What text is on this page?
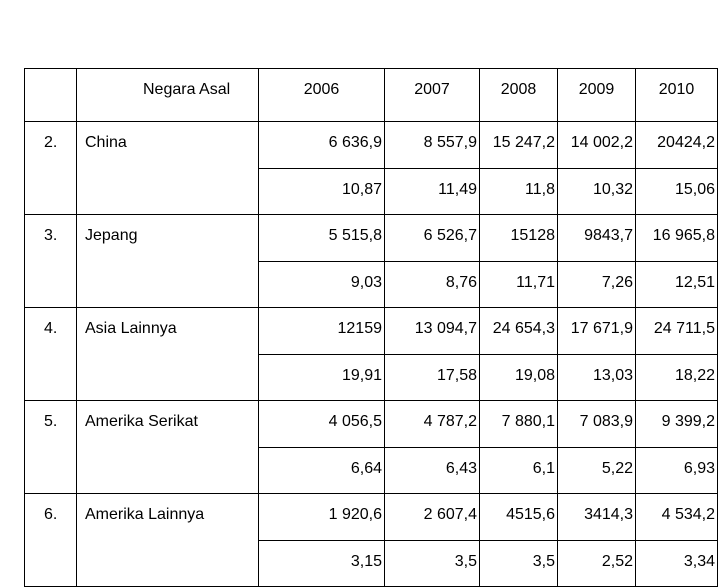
	Negara Asal	2006	2007	2008	2009	2010
2.	China	6 636,9	8 557,9	15 247,2	14 002,2	20424,2
		10,87	11,49	11,8	10,32	15,06
3.	Jepang	5 515,8	6 526,7	15128	9843,7	16 965,8
		9,03	8,76	11,71	7,26	12,51
4.	Asia Lainnya	12159	13 094,7	24 654,3	17 671,9	24 711,5
		19,91	17,58	19,08	13,03	18,22
5.	Amerika Serikat	4 056,5	4 787,2	7 880,1	7 083,9	9 399,2
		6,64	6,43	6,1	5,22	6,93
6.	Amerika Lainnya	1 920,6	2 607,4	4515,6	3414,3	4 534,2
		3,15	3,5	3,5	2,52	3,34
